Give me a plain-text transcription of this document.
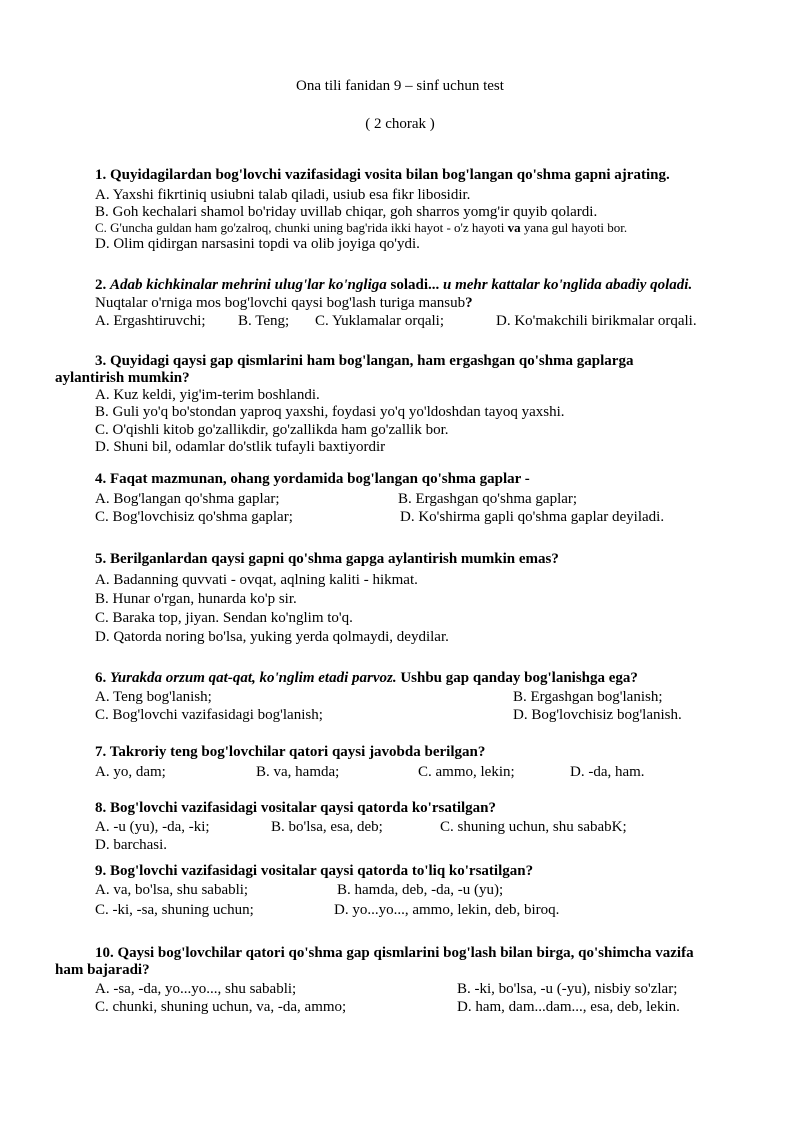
Ona tili fanidan 9 – sinf uchun test
( 2 chorak )
1. Quyidagilardan bog'lovchi vazifasidagi vosita bilan bog'langan qo'shma gapni ajrating.
A. Yaxshi fikrtiniq usiubni talab qiladi, usiub esa fikr libosidir.
B. Goh kechalari shamol bo'riday uvillab chiqar, goh sharros yomg'ir quyib qolardi.
C. G'uncha guldan ham go'zalroq, chunki uning bag'rida ikki hayot - o'z hayoti va yana gul hayoti bor.
D. Olim qidirgan narsasini topdi va olib joyiga qo'ydi.
2. Adab kichkinalar mehrini ulug'lar ko'ngliga soladi... u mehr kattalar ko'nglida abadiy qoladi.
Nuqtalar o'rniga mos bog'lovchi qaysi bog'lash turiga mansub?
A. Ergashtiruvchi; B. Teng; C. Yuklamalar orqali;	D. Ko'makchili birikmalar orqali.
3. Quyidagi qaysi gap qismlarini ham bog'langan, ham ergashgan qo'shma gaplarga
aylantirish mumkin?
A. Kuz keldi, yig'im-terim boshlandi.
B. Guli yo'q bo'stondan yaproq yaxshi, foydasi yo'q yo'ldoshdan tayoq yaxshi.
C. O'qishli kitob go'zallikdir, go'zallikda ham go'zallik bor.
D. Shuni bil, odamlar do'stlik tufayli baxtiyordir
4. Faqat mazmunan, ohang yordamida bog'langan qo'shma gaplar -
A. Bog'langan qo'shma gaplar;	B. Ergashgan qo'shma gaplar;
C. Bog'lovchisiz qo'shma gaplar;	D. Ko'shirma gapli qo'shma gaplar deyiladi.
5. Berilganlardan qaysi gapni qo'shma gapga aylantirish mumkin emas?
A. Badanning quvvati - ovqat, aqlning kaliti - hikmat.
B. Hunar o'rgan, hunarda ko'p sir.
C. Baraka top, jiyan. Sendan ko'nglim to'q.
D. Qatorda noring bo'lsa, yuking yerda qolmaydi, deydilar.
6. Yurakda orzum qat-qat, ko'nglim etadi parvoz. Ushbu gap qanday bog'lanishga ega?
A. Teng bog'lanish;	B. Ergashgan bog'lanish;
C. Bog'lovchi vazifasidagi bog'lanish;	D. Bog'lovchisiz bog'lanish.
7. Takroriy teng bog'lovchilar qatori qaysi javobda berilgan?
A. yo, dam;	B. va, hamda;	C. ammo, lekin;	D. -da, ham.
8. Bog'lovchi vazifasidagi vositalar qaysi qatorda ko'rsatilgan?
A. -u (yu), -da, -ki;	B. bo'lsa, esa, deb;	C. shuning uchun, shu sababK;
D. barchasi.
9. Bog'lovchi vazifasidagi vositalar qaysi qatorda to'liq ko'rsatilgan?
A. va, bo'lsa, shu sababli;	B. hamda, deb, -da, -u (yu);
C. -ki, -sa, shuning uchun;	D. yo...yo..., ammo, lekin, deb, biroq.
10. Qaysi bog'lovchilar qatori qo'shma gap qismlarini bog'lash bilan birga, qo'shimcha vazifa
ham bajaradi?
A. -sa, -da, yo...yo..., shu sababli;	B. -ki, bo'lsa, -u (-yu), nisbiy so'zlar;
C. chunki, shuning uchun, va, -da, ammo;	D. ham, dam...dam..., esa, deb, lekin.
